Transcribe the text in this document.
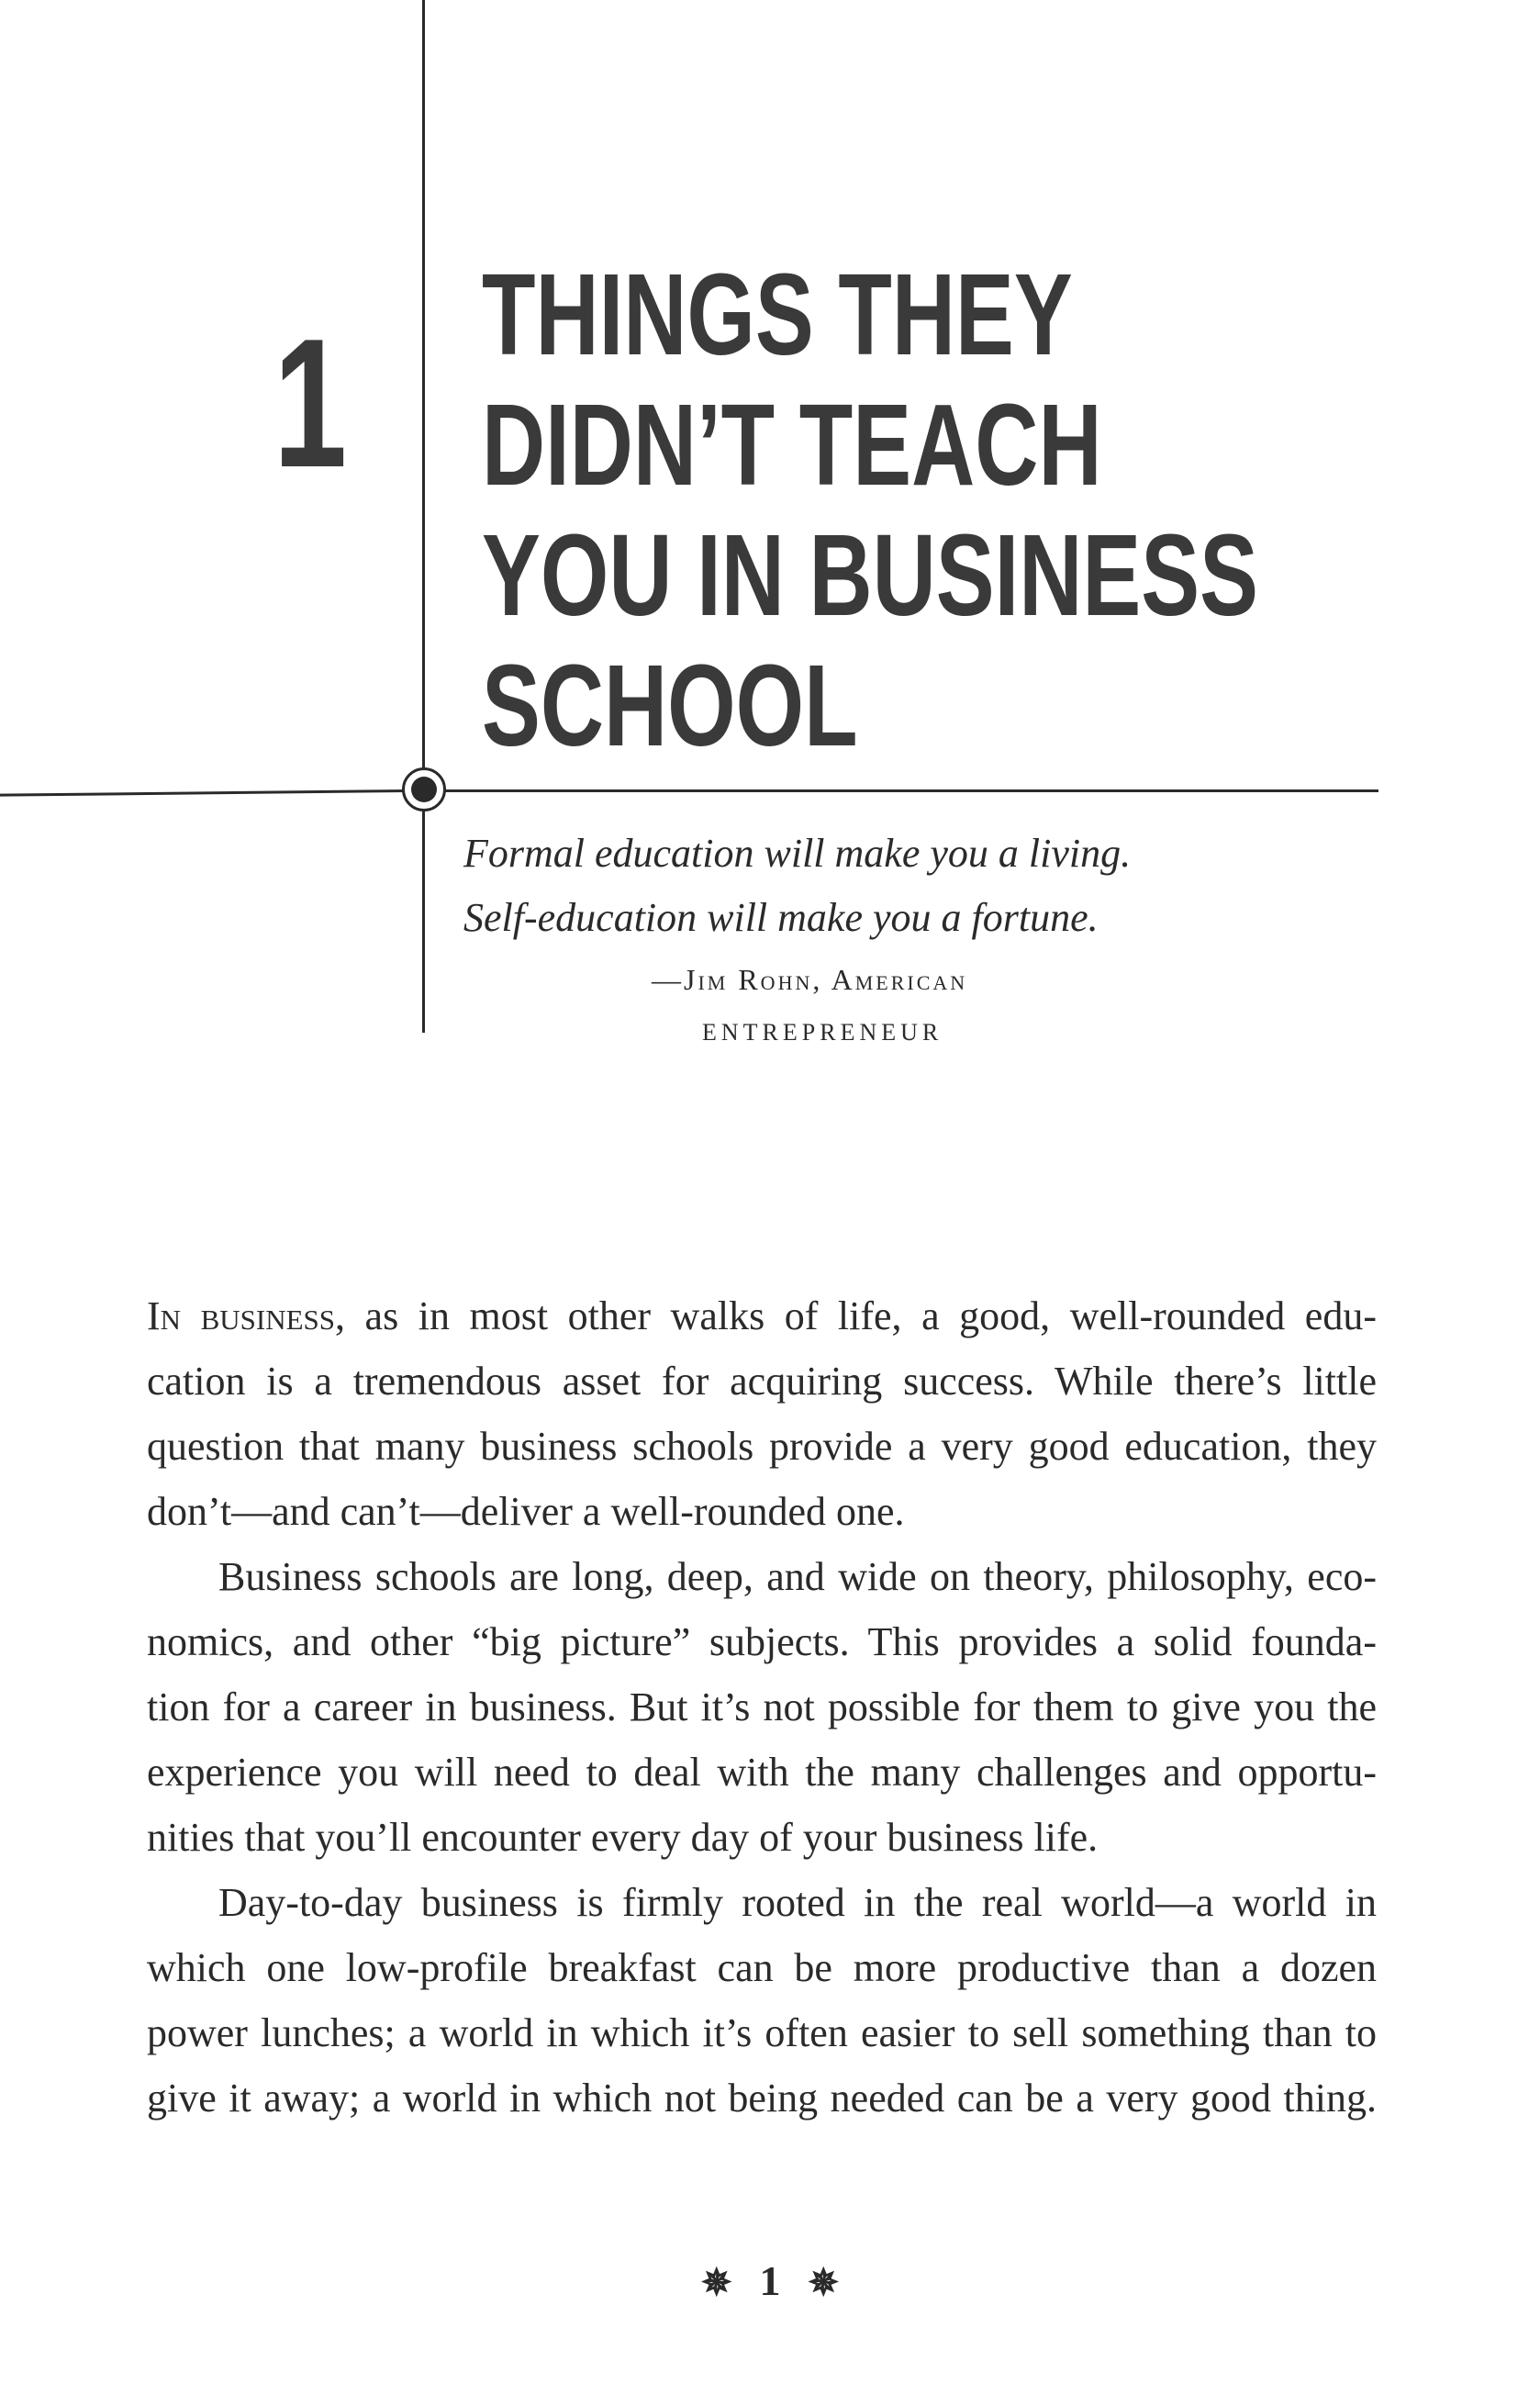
1 THINGS THEY
DIDN’T TEACH
YOU IN BUSINESS
SCHOOL
Formal education will make you a living.
Self-education will make you a fortune.
—Jim Rohn, American
ENTREPRENEUR

In business, as in most other walks of life, a good, well-rounded edu-
cation is a tremendous asset for acquiring success. While there’s little
question that many business schools provide a very good education, they
don’t—and can’t—deliver a well-rounded one.

Business schools are long, deep, and wide on theory, philosophy, eco-
nomics, and other “big picture” subjects. This provides a solid founda-
tion for a career in business. But it’s not possible for them to give you the
experience you will need to deal with the many challenges and opportu-
nities that you’ll encounter every day of your business life.

Day-to-day business is firmly rooted in the real world—a world in
which one low-profile breakfast can be more productive than a dozen
power lunches; a world in which it’s often easier to sell something than to
give it away; a world in which not being needed can be a very good thing.

✵ 1 ✵
